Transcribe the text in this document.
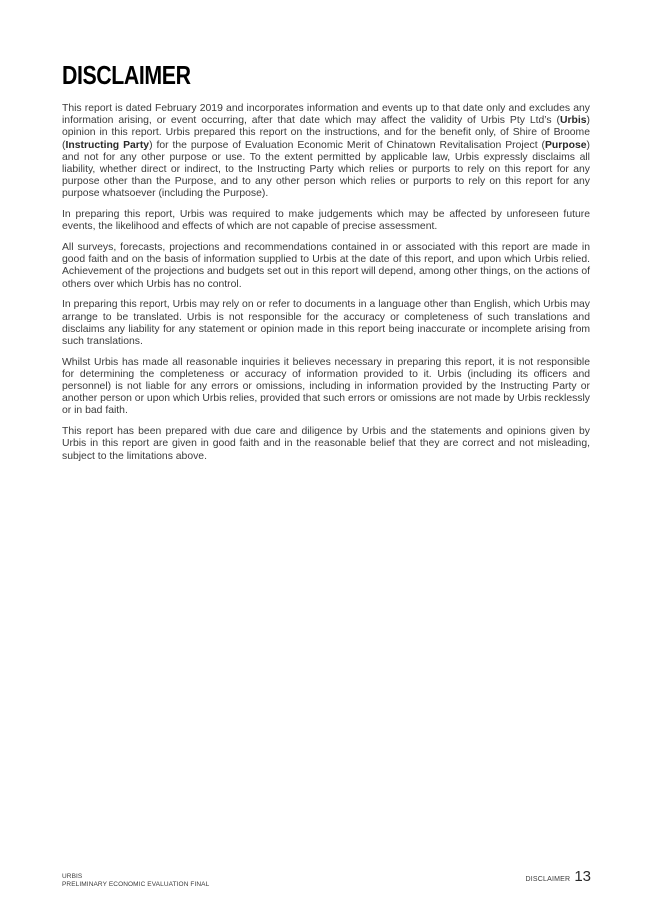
DISCLAIMER

This report is dated February 2019 and incorporates information and events up to that date only and excludes any information arising, or event occurring, after that date which may affect the validity of Urbis Pty Ltd’s (Urbis) opinion in this report. Urbis prepared this report on the instructions, and for the benefit only, of Shire of Broome (Instructing Party) for the purpose of Evaluation Economic Merit of Chinatown Revitalisation Project (Purpose) and not for any other purpose or use. To the extent permitted by applicable law, Urbis expressly disclaims all liability, whether direct or indirect, to the Instructing Party which relies or purports to rely on this report for any purpose other than the Purpose, and to any other person which relies or purports to rely on this report for any purpose whatsoever (including the Purpose).

In preparing this report, Urbis was required to make judgements which may be affected by unforeseen future events, the likelihood and effects of which are not capable of precise assessment.

All surveys, forecasts, projections and recommendations contained in or associated with this report are made in good faith and on the basis of information supplied to Urbis at the date of this report, and upon which Urbis relied. Achievement of the projections and budgets set out in this report will depend, among other things, on the actions of others over which Urbis has no control.

In preparing this report, Urbis may rely on or refer to documents in a language other than English, which Urbis may arrange to be translated. Urbis is not responsible for the accuracy or completeness of such translations and disclaims any liability for any statement or opinion made in this report being inaccurate or incomplete arising from such translations.

Whilst Urbis has made all reasonable inquiries it believes necessary in preparing this report, it is not responsible for determining the completeness or accuracy of information provided to it. Urbis (including its officers and personnel) is not liable for any errors or omissions, including in information provided by the Instructing Party or another person or upon which Urbis relies, provided that such errors or omissions are not made by Urbis recklessly or in bad faith.

This report has been prepared with due care and diligence by Urbis and the statements and opinions given by Urbis in this report are given in good faith and in the reasonable belief that they are correct and not misleading, subject to the limitations above.

URBIS
PRELIMINARY ECONOMIC EVALUATION FINAL
DISCLAIMER 13
